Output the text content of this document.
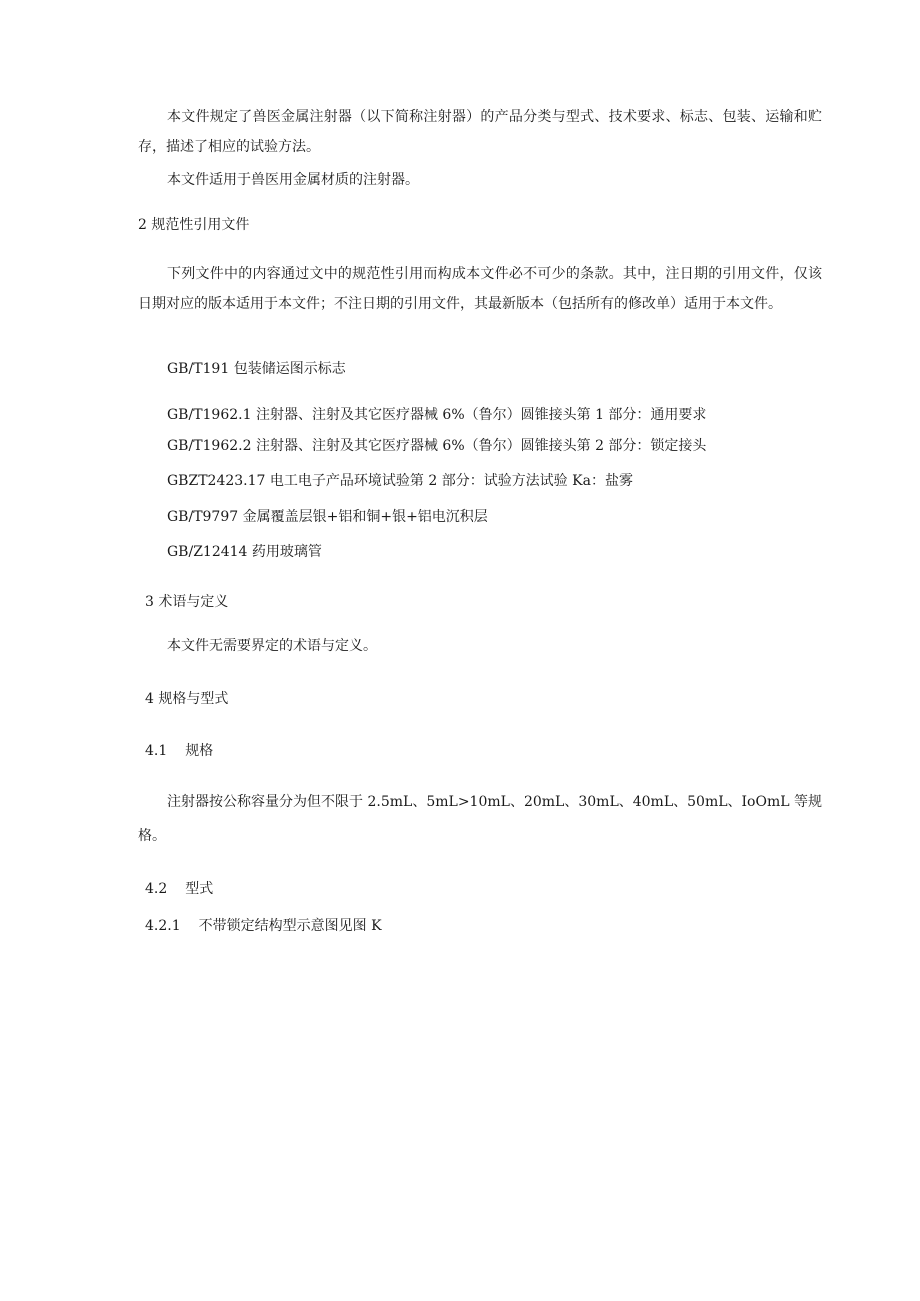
本文件规定了兽医金属注射器（以下简称注射器）的产品分类与型式、技术要求、标志、包装、运输和贮存，描述了相应的试验方法。
本文件适用于兽医用金属材质的注射器。
2 规范性引用文件
下列文件中的内容通过文中的规范性引用而构成本文件必不可少的条款。其中，注日期的引用文件，仅该日期对应的版本适用于本文件；不注日期的引用文件，其最新版本（包括所有的修改单）适用于本文件。
GB/T191 包装储运图示标志
GB/T1962.1 注射器、注射及其它医疗器械 6%（鲁尔）圆锥接头第 1 部分：通用要求
GB/T1962.2 注射器、注射及其它医疗器械 6%（鲁尔）圆锥接头第 2 部分：锁定接头
GBZT2423.17 电工电子产品环境试验第 2 部分：试验方法试验 Ka：盐雾
GB/T9797 金属覆盖层银+铝和铜+银+铝电沉积层
GB/Z12414 药用玻璃管
3 术语与定义
本文件无需要界定的术语与定义。
4 规格与型式
4.1 规格
注射器按公称容量分为但不限于 2.5mL、5mL>10mL、20mL、30mL、40mL、50mL、IoOmL 等规格。
4.2 型式
4.2.1 不带锁定结构型示意图见图 K
